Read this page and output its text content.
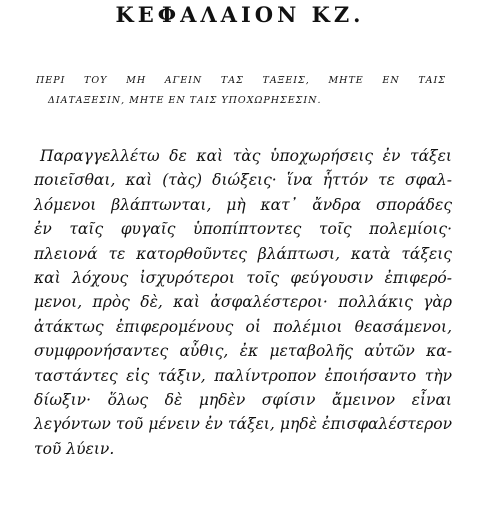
ΚΕΦΑΛΑΙΟΝ ΚΖ.
ΠΕΡΙ ΤΟΥ ΜΗ ΑΓΕΙΝ ΤΑΣ ΤΑΞΕΙΣ, ΜΗΤΕ ΕΝ ΤΑΙΣ
ΔΙΑΤΑΞΕΣΙΝ, ΜΗΤΕ ΕΝ ΤΑΙΣ ΥΠΟΧΩΡΗΣΕΣΙΝ.
Παραγγελλέτω δε καὶ τὰς ὑποχωρήσεις ἐν τάξει
ποιεῖσθαι, καὶ (τὰς) διώξεις· ἵνα ἧττόν τε σφαλ-
λόμενοι βλάπτωνται, μὴ κατ᾽ ἄνδρα σποράδες
ἐν ταῖς φυγαῖς ὑποπίπτοντες τοῖς πολεμίοις·
πλειονά τε κατορθοῦντες βλάπτωσι, κατὰ τάξεις
καὶ λόχους ἰσχυρότεροι τοῖς φεύγουσιν ἐπιφερό-
μενοι, πρὸς δὲ, καὶ ἀσφαλέστεροι· πολλάκις γὰρ
ἀτάκτως ἐπιφερομένους οἱ πολέμιοι θεασάμενοι,
συμφρονήσαντες αὖθις, ἐκ μεταβολῆς αὐτῶν κα-
ταστάντες εἰς τάξιν, παλίντροπον ἐποιήσαντο τὴν
δίωξιν· ὅλως δὲ μηδὲν σφίσιν ἄμεινον εἶναι
λεγόντων τοῦ μένειν ἐν τάξει, μηδὲ ἐπισφαλέστερον
τοῦ λύειν.
